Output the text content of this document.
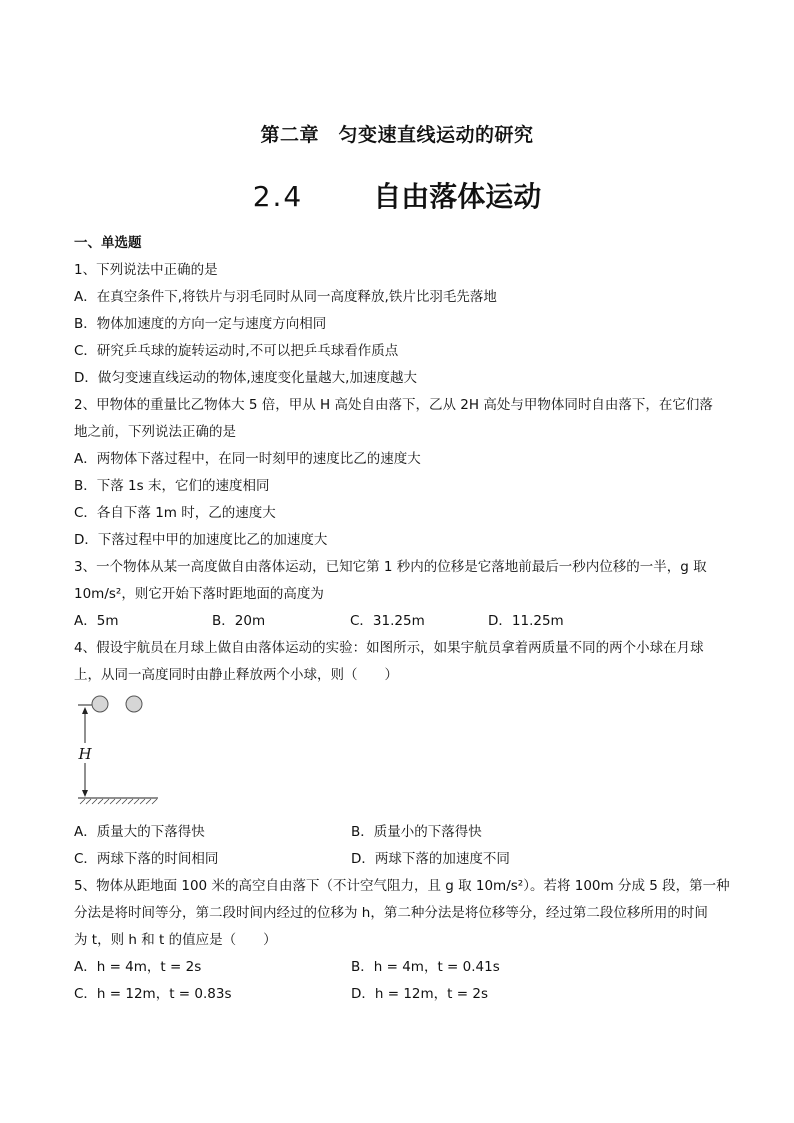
第二章　匀变速直线运动的研究
2.4	自由落体运动
一、单选题
1、下列说法中正确的是
A．在真空条件下,将铁片与羽毛同时从同一高度释放,铁片比羽毛先落地
B．物体加速度的方向一定与速度方向相同
C．研究乒乓球的旋转运动时,不可以把乒乓球看作质点
D．做匀变速直线运动的物体,速度变化量越大,加速度越大
2、甲物体的重量比乙物体大 5 倍，甲从 H 高处自由落下，乙从 2H 高处与甲物体同时自由落下，在它们落
地之前，下列说法正确的是
A．两物体下落过程中，在同一时刻甲的速度比乙的速度大
B．下落 1s 末，它们的速度相同
C．各自下落 1m 时，乙的速度大
D．下落过程中甲的加速度比乙的加速度大
3、一个物体从某一高度做自由落体运动，已知它第 1 秒内的位移是它落地前最后一秒内位移的一半，g 取
10m/s²，则它开始下落时距地面的高度为
A．5m	B．20m	C．31.25m	D．11.25m
4、假设宇航员在月球上做自由落体运动的实验：如图所示，如果宇航员拿着两质量不同的两个小球在月球
上，从同一高度同时由静止释放两个小球，则（　　）
H
A．质量大的下落得快	B．质量小的下落得快
C．两球下落的时间相同	D．两球下落的加速度不同
5、物体从距地面 100 米的高空自由落下（不计空气阻力，且 g 取 10m/s²）。若将 100m 分成 5 段，第一种
分法是将时间等分，第二段时间内经过的位移为 h，第二种分法是将位移等分，经过第二段位移所用的时间
为 t，则 h 和 t 的值应是（　　）
A．h = 4m，t = 2s	B．h = 4m，t = 0.41s
C．h = 12m，t = 0.83s	D．h = 12m，t = 2s
